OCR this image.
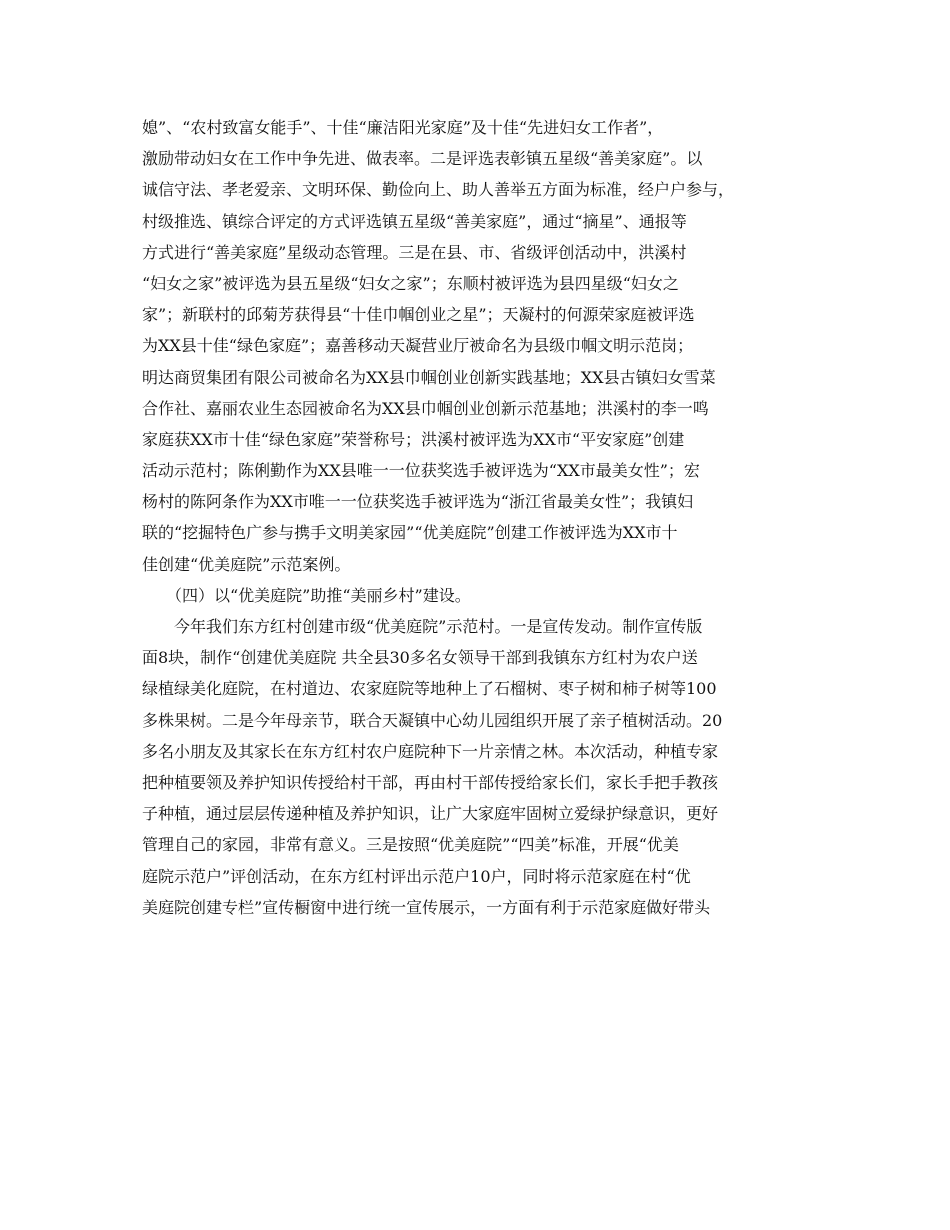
媳”、“农村致富女能手”、十佳“廉洁阳光家庭”及十佳“先进妇女工作者”，
激励带动妇女在工作中争先进、做表率。二是评选表彰镇五星级“善美家庭”。以
诚信守法、孝老爱亲、文明环保、勤俭向上、助人善举五方面为标准，经户户参与，
村级推选、镇综合评定的方式评选镇五星级“善美家庭”，通过“摘星”、通报等
方式进行“善美家庭”星级动态管理。三是在县、市、省级评创活动中，洪溪村
“妇女之家”被评选为县五星级“妇女之家”；东顺村被评选为县四星级“妇女之
家”；新联村的邱菊芳获得县“十佳巾帼创业之星”；天凝村的何源荣家庭被评选
为XX县十佳“绿色家庭”；嘉善移动天凝营业厅被命名为县级巾帼文明示范岗；
明达商贸集团有限公司被命名为XX县巾帼创业创新实践基地；XX县古镇妇女雪菜
合作社、嘉丽农业生态园被命名为XX县巾帼创业创新示范基地；洪溪村的李一鸣
家庭获XX市十佳“绿色家庭”荣誉称号；洪溪村被评选为XX市“平安家庭”创建
活动示范村；陈俐勤作为XX县唯一一位获奖选手被评选为“XX市最美女性”；宏
杨村的陈阿条作为XX市唯一一位获奖选手被评选为“浙江省最美女性”；我镇妇
联的“挖掘特色广参与携手文明美家园”“优美庭院”创建工作被评选为XX市十
佳创建“优美庭院”示范案例。
　　（四）以“优美庭院”助推“美丽乡村”建设。
　　今年我们东方红村创建市级“优美庭院”示范村。一是宣传发动。制作宣传版
面8块，制作“创建优美庭院 共全县30多名女领导干部到我镇东方红村为农户送
绿植绿美化庭院，在村道边、农家庭院等地种上了石榴树、枣子树和柿子树等100
多株果树。二是今年母亲节，联合天凝镇中心幼儿园组织开展了亲子植树活动。20
多名小朋友及其家长在东方红村农户庭院种下一片亲情之林。本次活动，种植专家
把种植要领及养护知识传授给村干部，再由村干部传授给家长们，家长手把手教孩
子种植，通过层层传递种植及养护知识，让广大家庭牢固树立爱绿护绿意识，更好
管理自己的家园，非常有意义。三是按照“优美庭院”“四美”标准，开展“优美
庭院示范户”评创活动，在东方红村评出示范户10户，同时将示范家庭在村“优
美庭院创建专栏”宣传橱窗中进行统一宣传展示，一方面有利于示范家庭做好带头
